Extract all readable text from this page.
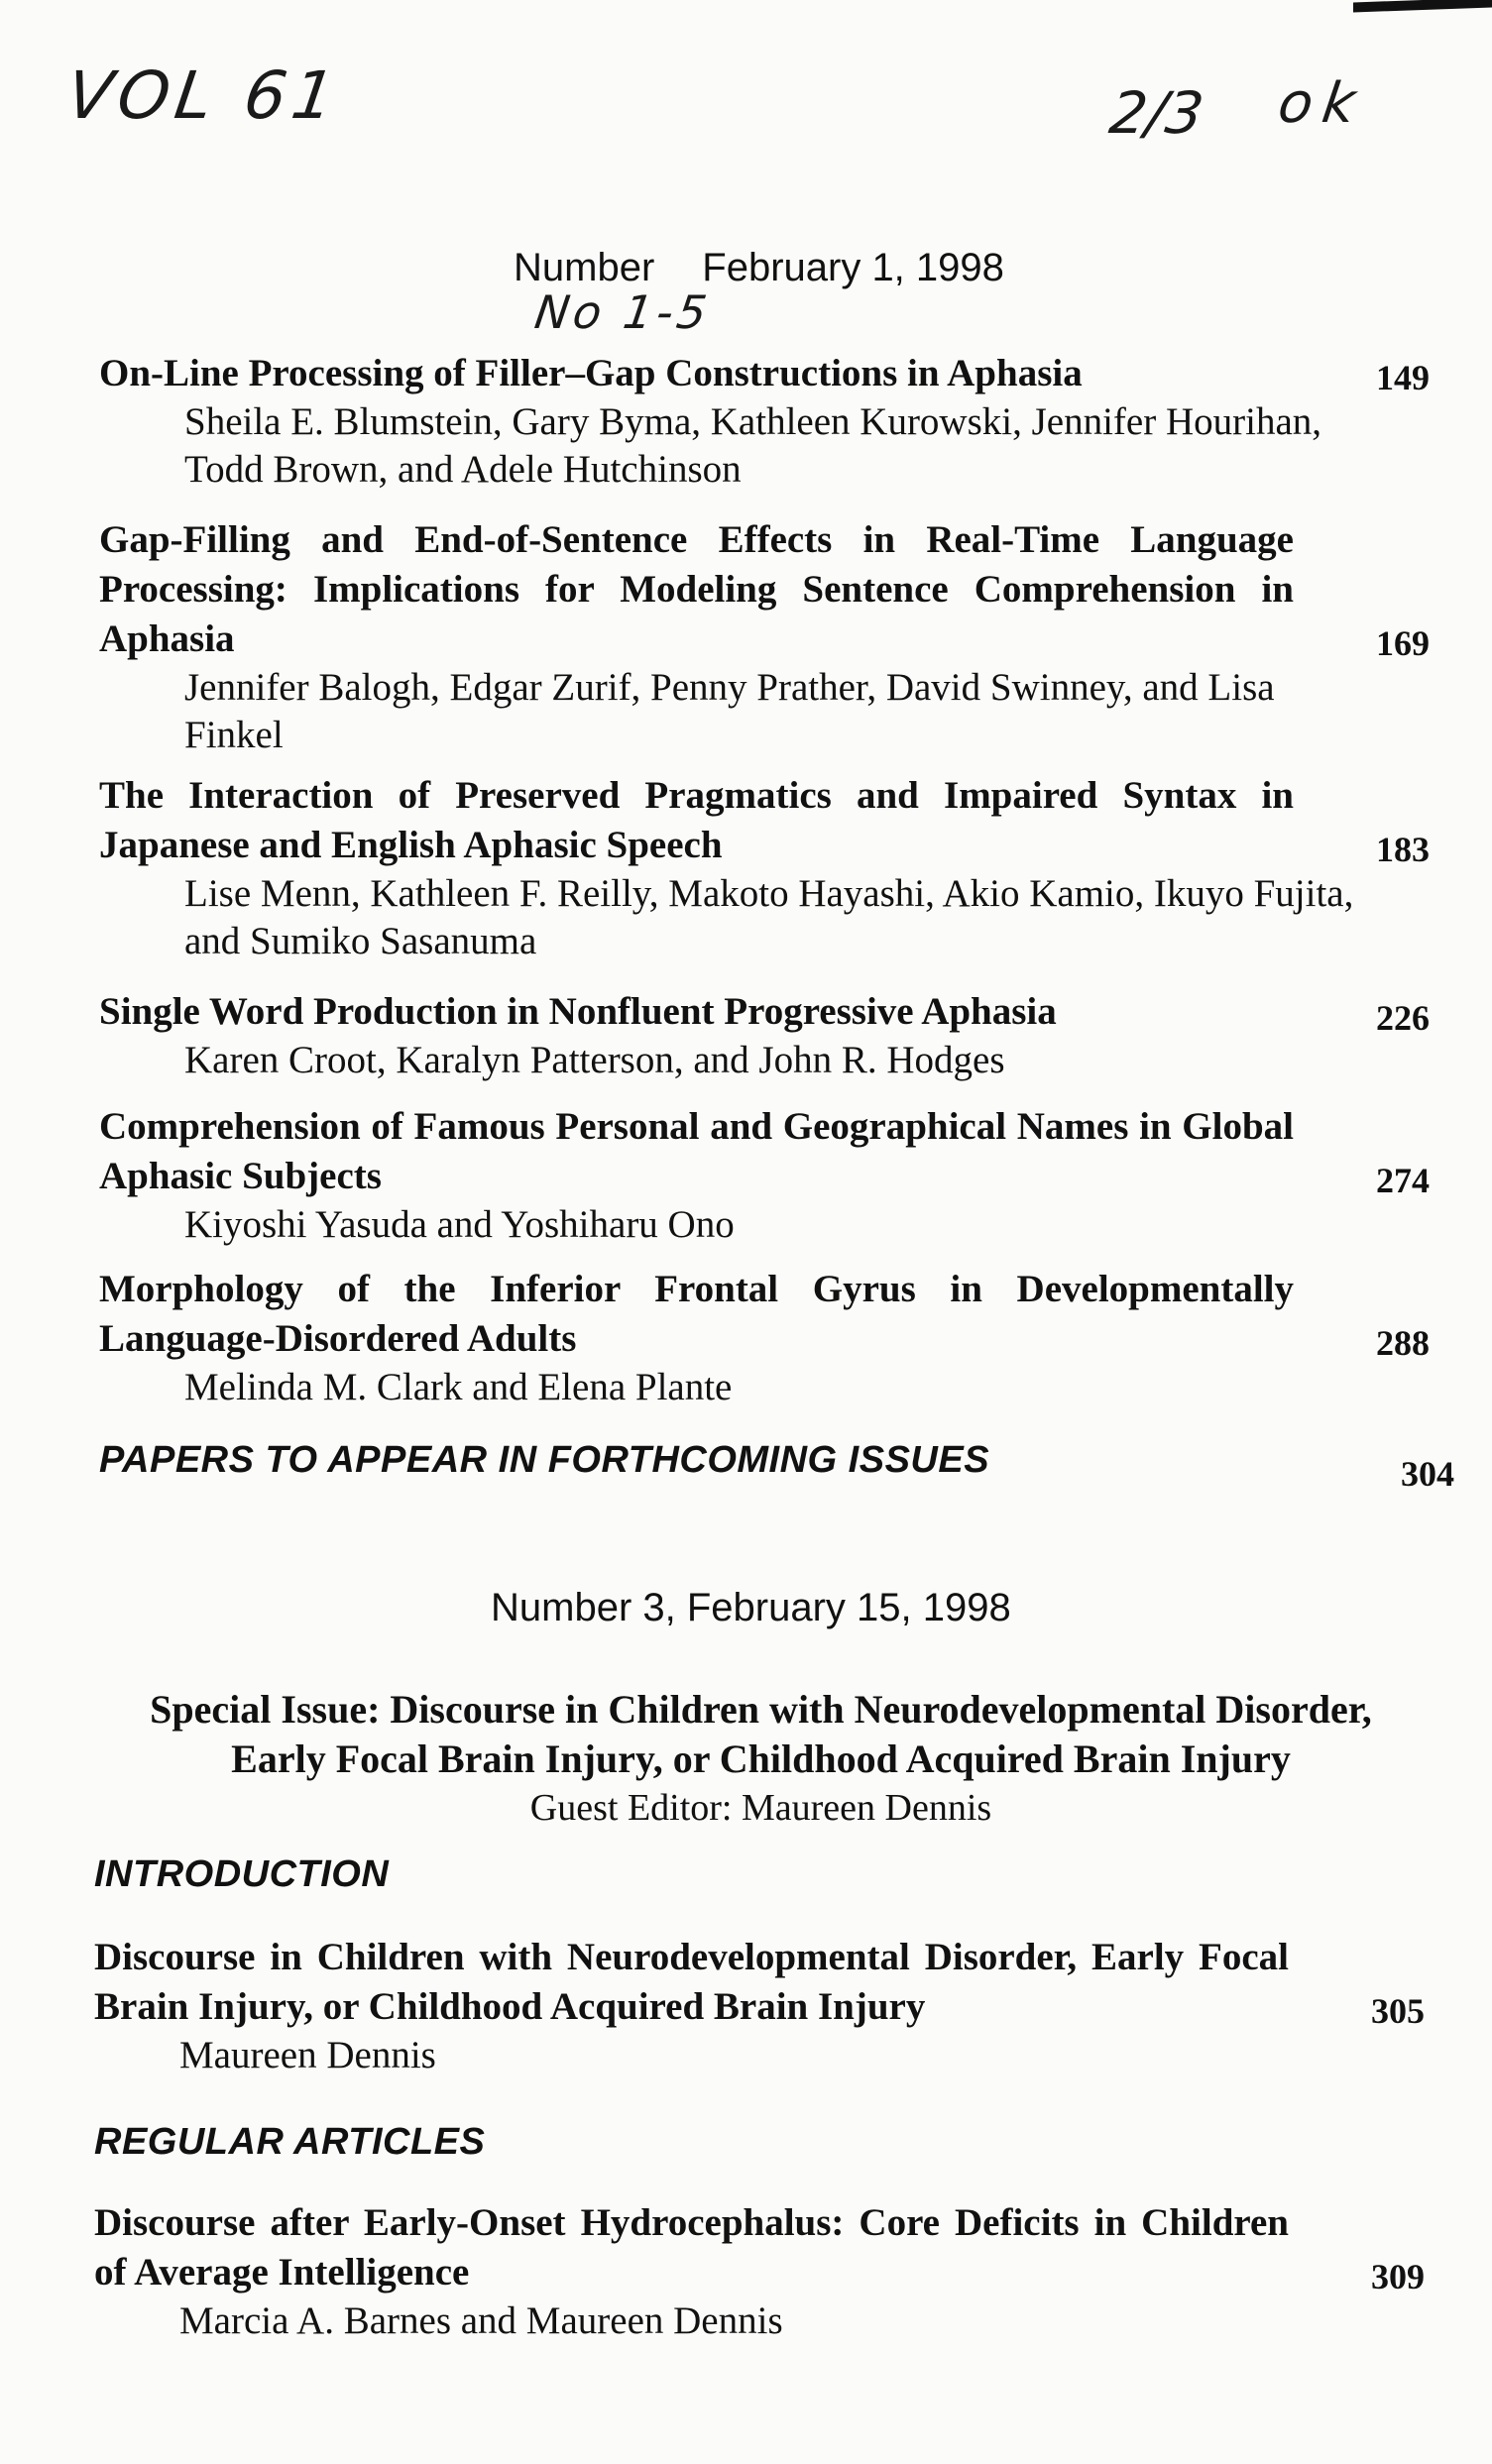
VOL 61	2/3 ok
No 1-5
Number February 1, 1998
On-Line Processing of Filler–Gap Constructions in Aphasia
Sheila E. Blumstein, Gary Byma, Kathleen Kurowski, Jennifer Hourihan, Todd Brown, and Adele Hutchinson
149
Gap-Filling and End-of-Sentence Effects in Real-Time Language Processing: Implications for Modeling Sentence Comprehension in Aphasia
Jennifer Balogh, Edgar Zurif, Penny Prather, David Swinney, and Lisa Finkel
169
The Interaction of Preserved Pragmatics and Impaired Syntax in Japanese and English Aphasic Speech
Lise Menn, Kathleen F. Reilly, Makoto Hayashi, Akio Kamio, Ikuyo Fujita, and Sumiko Sasanuma
183
Single Word Production in Nonfluent Progressive Aphasia
Karen Croot, Karalyn Patterson, and John R. Hodges
226
Comprehension of Famous Personal and Geographical Names in Global Aphasic Subjects
Kiyoshi Yasuda and Yoshiharu Ono
274
Morphology of the Inferior Frontal Gyrus in Developmentally Language-Disordered Adults
Melinda M. Clark and Elena Plante
288
PAPERS TO APPEAR IN FORTHCOMING ISSUES	304
Number 3, February 15, 1998
Special Issue: Discourse in Children with Neurodevelopmental Disorder,
Early Focal Brain Injury, or Childhood Acquired Brain Injury
Guest Editor: Maureen Dennis
INTRODUCTION
Discourse in Children with Neurodevelopmental Disorder, Early Focal Brain Injury, or Childhood Acquired Brain Injury
Maureen Dennis
305
REGULAR ARTICLES
Discourse after Early-Onset Hydrocephalus: Core Deficits in Children of Average Intelligence
Marcia A. Barnes and Maureen Dennis
309
